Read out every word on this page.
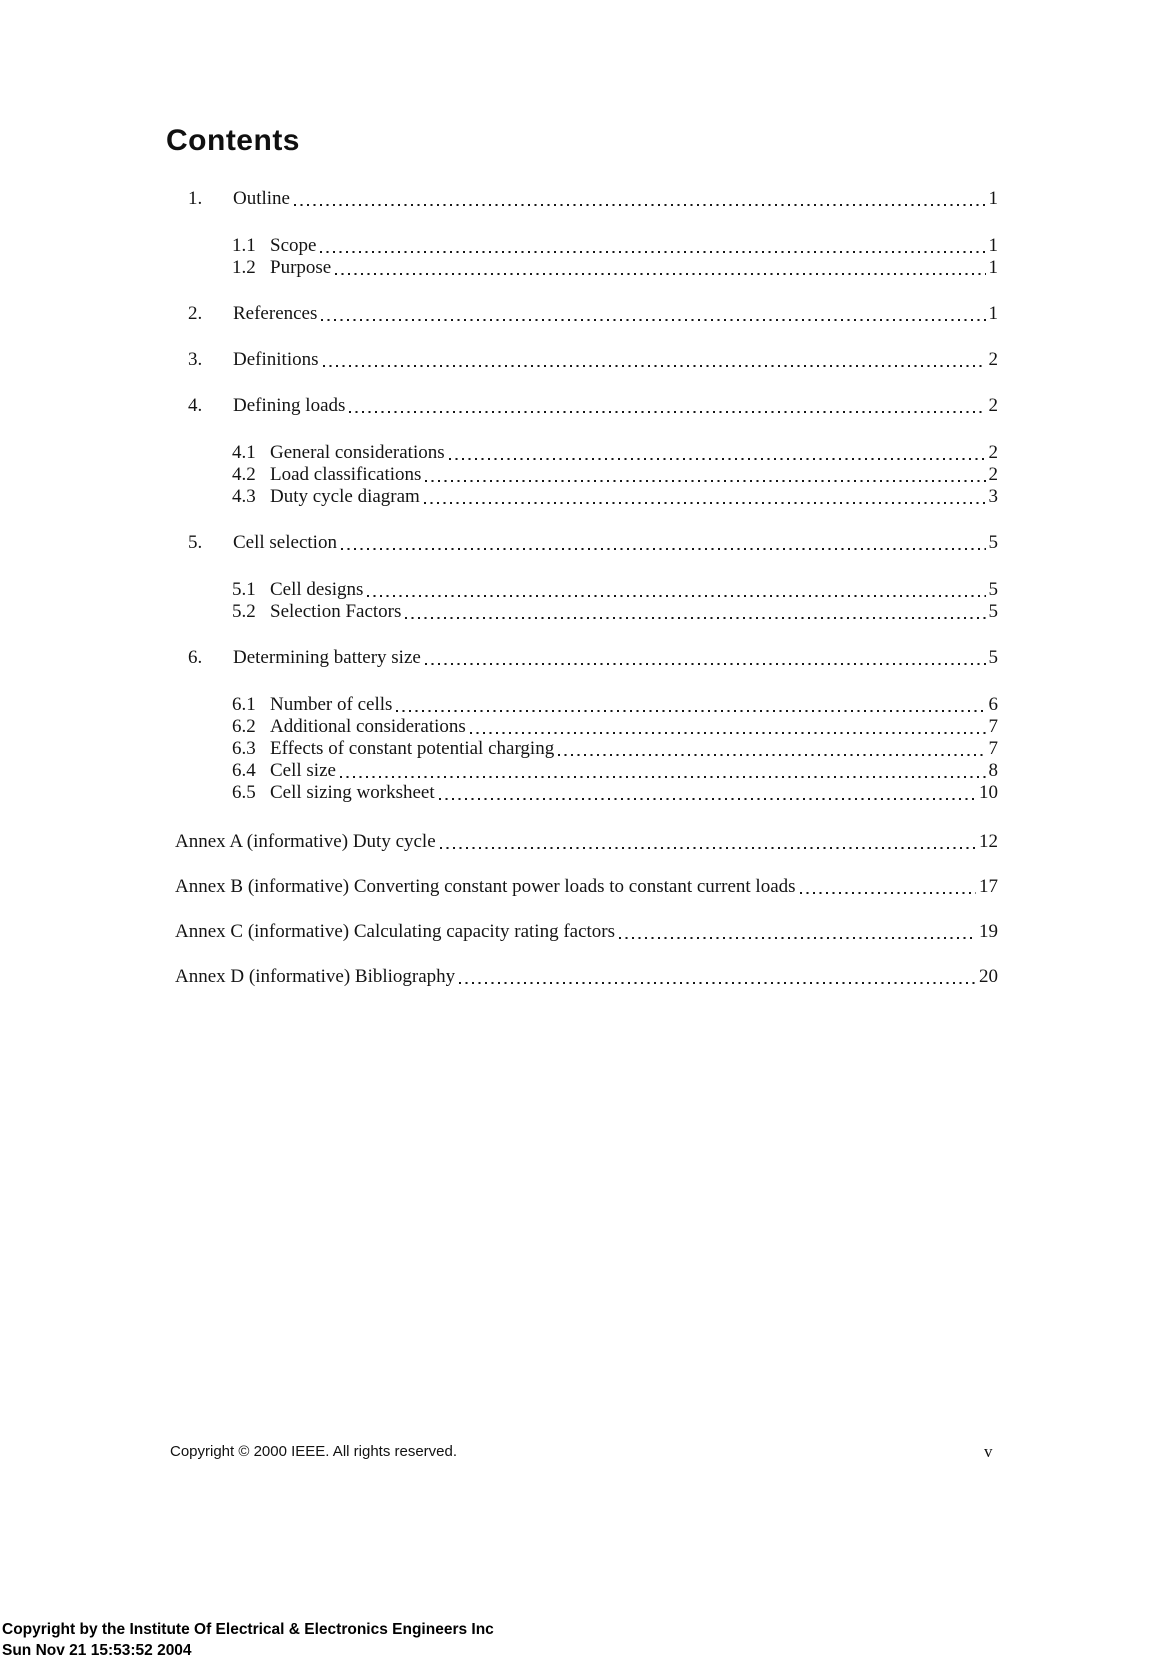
Contents
1.	Outline	1
1.1 Scope	1
1.2 Purpose	1
2.	References	1
3.	Definitions	2
4.	Defining loads	2
4.1 General considerations	2
4.2 Load classifications	2
4.3 Duty cycle diagram	3
5.	Cell selection	5
5.1 Cell designs	5
5.2 Selection Factors	5
6.	Determining battery size	5
6.1 Number of cells	6
6.2 Additional considerations	7
6.3 Effects of constant potential charging	7
6.4 Cell size	8
6.5 Cell sizing worksheet	10
Annex A (informative) Duty cycle	12
Annex B (informative) Converting constant power loads to constant current loads	17
Annex C (informative) Calculating capacity rating factors	19
Annex D (informative) Bibliography	20
Copyright © 2000 IEEE. All rights reserved.	v
Copyright by the Institute Of Electrical & Electronics Engineers Inc
Sun Nov 21 15:53:52 2004
